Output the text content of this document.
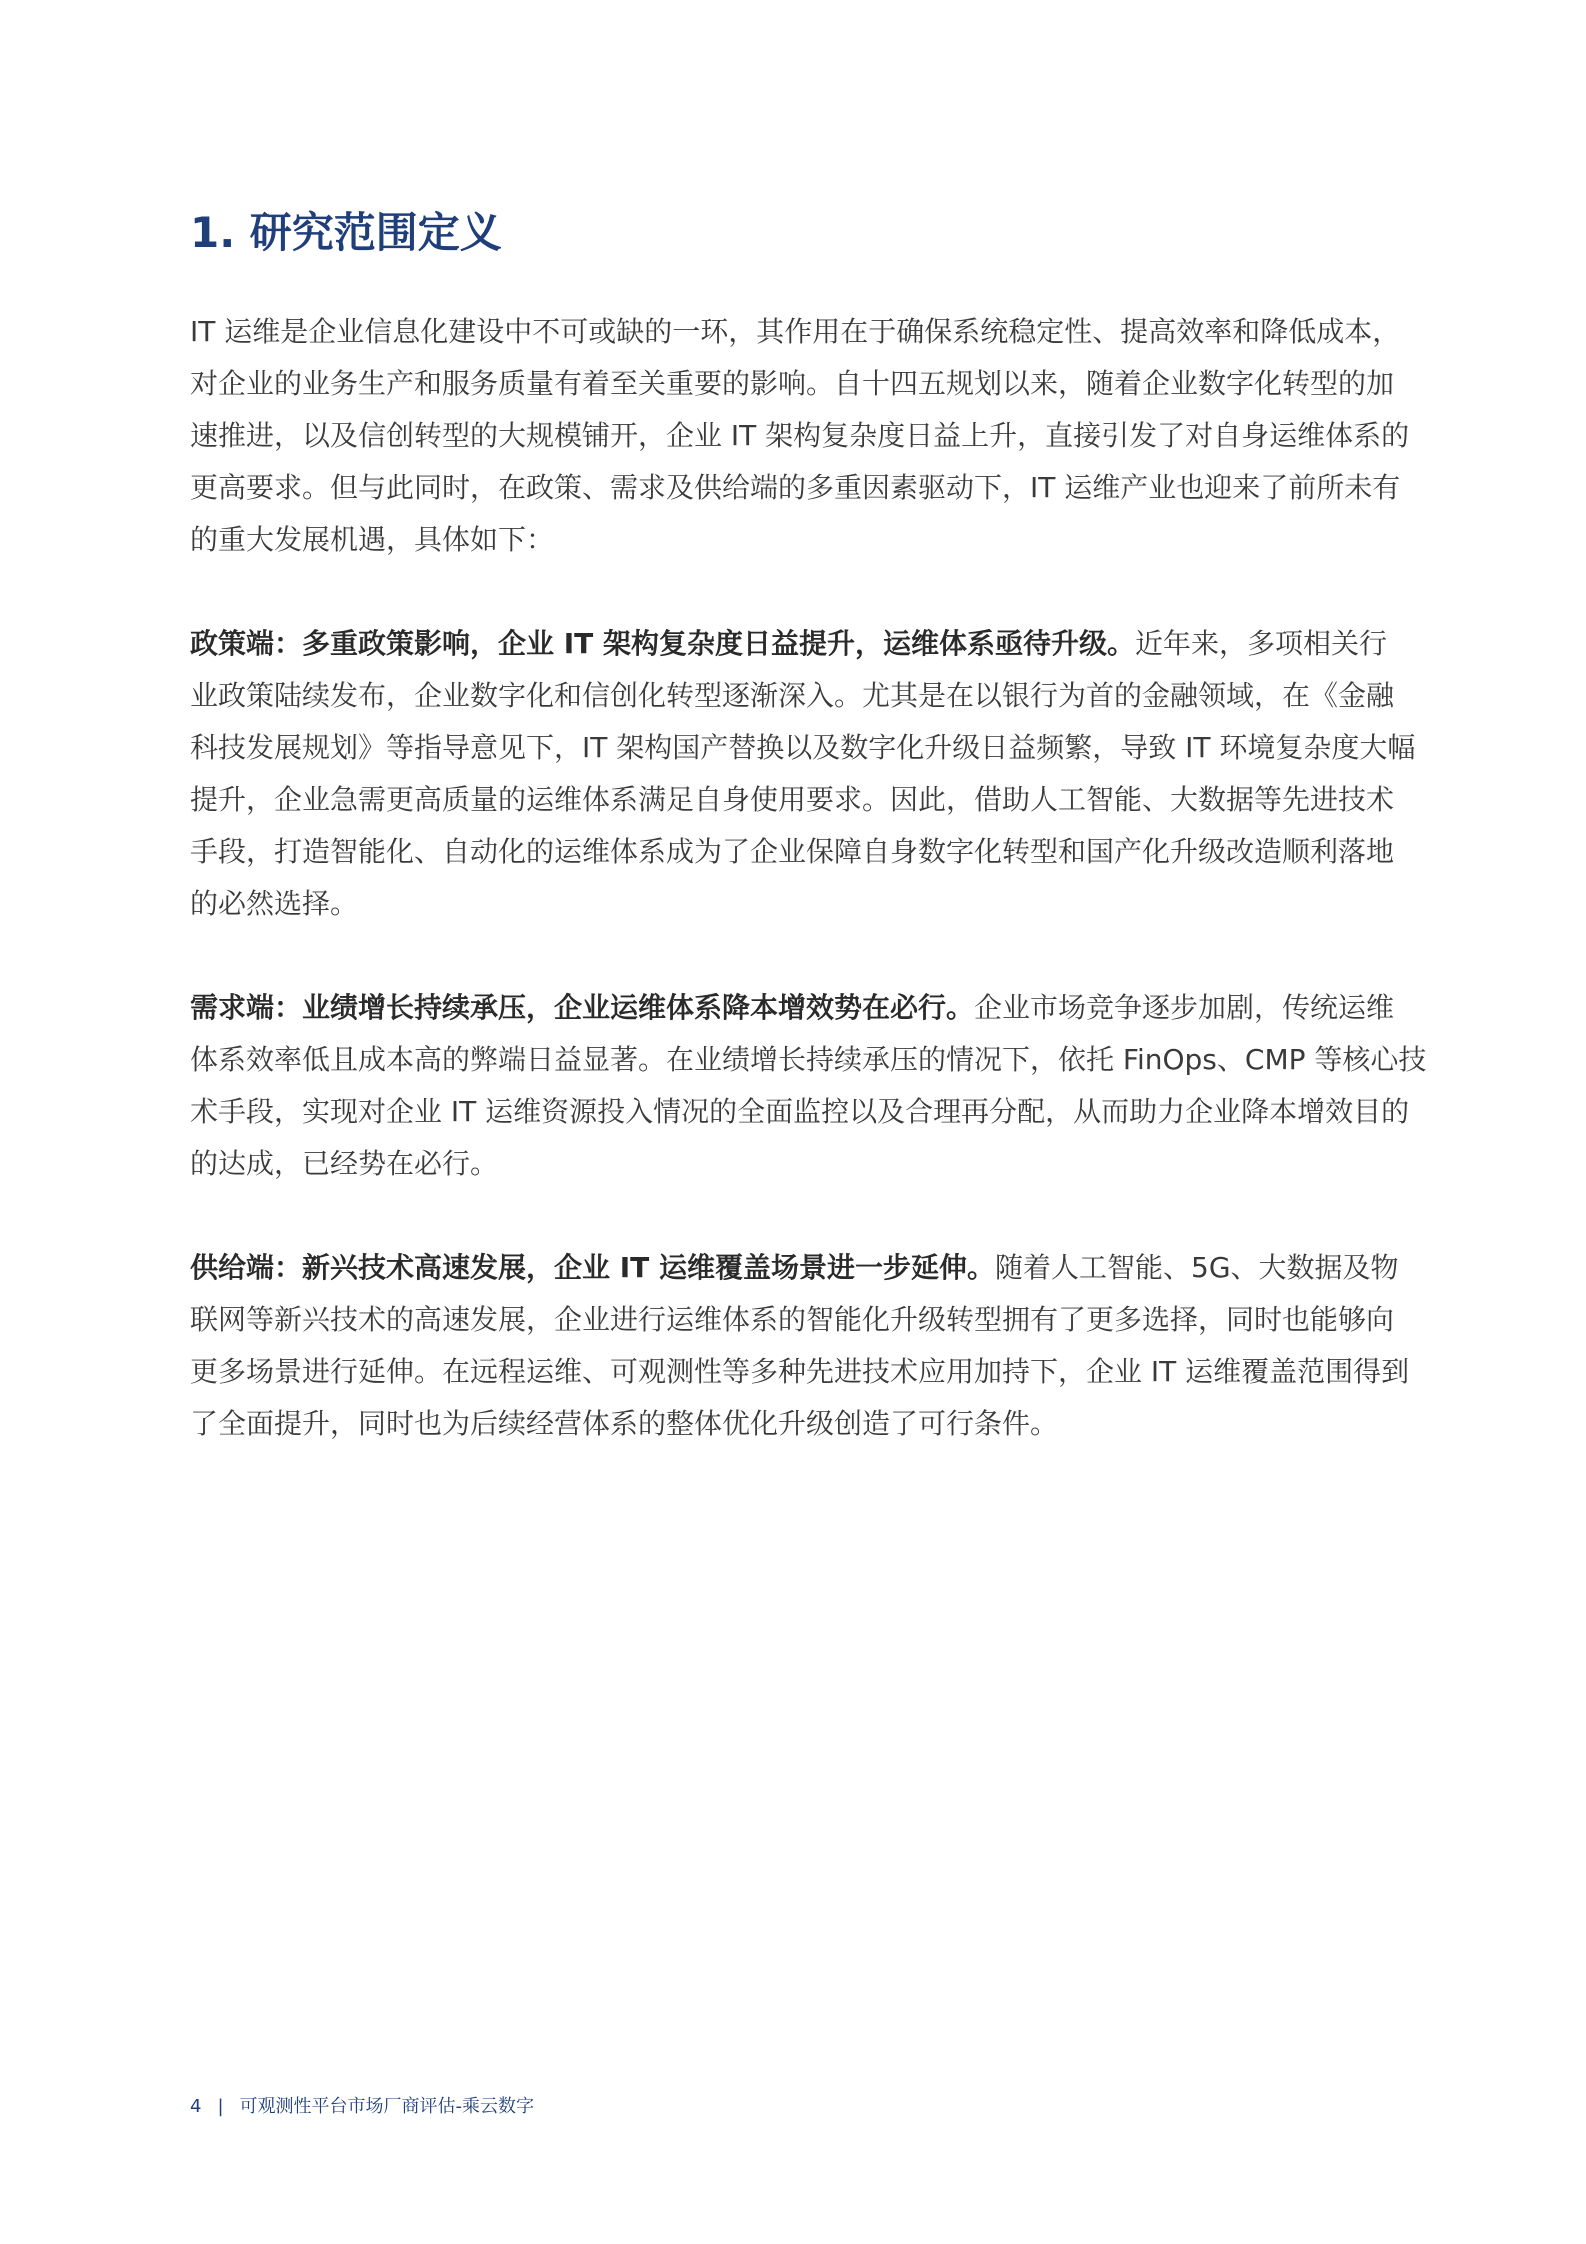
1. 研究范围定义

IT 运维是企业信息化建设中不可或缺的一环，其作用在于确保系统稳定性、提高效率和降低成本，
对企业的业务生产和服务质量有着至关重要的影响。自十四五规划以来，随着企业数字化转型的加
速推进，以及信创转型的大规模铺开，企业 IT 架构复杂度日益上升，直接引发了对自身运维体系的
更高要求。但与此同时，在政策、需求及供给端的多重因素驱动下，IT 运维产业也迎来了前所未有
的重大发展机遇，具体如下：

政策端：多重政策影响，企业 IT 架构复杂度日益提升，运维体系亟待升级。近年来，多项相关行
业政策陆续发布，企业数字化和信创化转型逐渐深入。尤其是在以银行为首的金融领域，在《金融
科技发展规划》等指导意见下，IT 架构国产替换以及数字化升级日益频繁，导致 IT 环境复杂度大幅
提升，企业急需更高质量的运维体系满足自身使用要求。因此，借助人工智能、大数据等先进技术
手段，打造智能化、自动化的运维体系成为了企业保障自身数字化转型和国产化升级改造顺利落地
的必然选择。

需求端：业绩增长持续承压，企业运维体系降本增效势在必行。企业市场竞争逐步加剧，传统运维
体系效率低且成本高的弊端日益显著。在业绩增长持续承压的情况下，依托 FinOps、CMP 等核心技
术手段，实现对企业 IT 运维资源投入情况的全面监控以及合理再分配，从而助力企业降本增效目的
的达成，已经势在必行。

供给端：新兴技术高速发展，企业 IT 运维覆盖场景进一步延伸。随着人工智能、5G、大数据及物
联网等新兴技术的高速发展，企业进行运维体系的智能化升级转型拥有了更多选择，同时也能够向
更多场景进行延伸。在远程运维、可观测性等多种先进技术应用加持下，企业 IT 运维覆盖范围得到
了全面提升，同时也为后续经营体系的整体优化升级创造了可行条件。

4 | 可观测性平台市场厂商评估-乘云数字
